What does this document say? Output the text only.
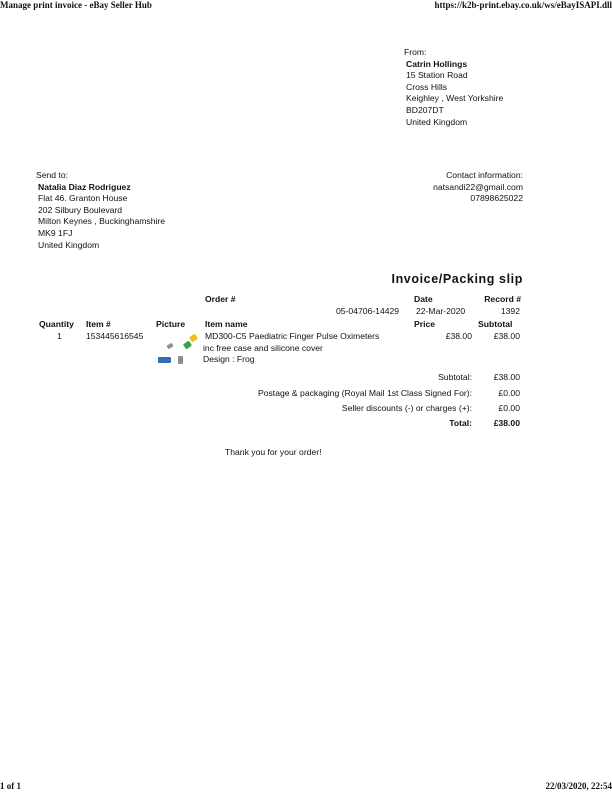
Manage print invoice - eBay Seller Hub	https://k2b-print.ebay.co.uk/ws/eBayISAPI.dll
1 of 1	22/03/2020, 22:54
From:
Catrin Hollings
15 Station Road
Cross Hills
Keighley , West Yorkshire
BD207DT
United Kingdom
Send to:
Natalia Diaz Rodriguez
Flat 46. Granton House
202 Silbury Boulevard
Milton Keynes , Buckinghamshire
MK9 1FJ
United Kingdom
Contact information:
natsandi22@gmail.com
07898625022
Invoice/Packing slip
Order #	Date	Record #
05-04706-14429 22-Mar-2020	1392
Quantity Item #	Picture Item name	Price	Subtotal
1	153445616545	MD300-C5 Paediatric Finger Pulse Oximeters
inc free case and silicone cover
Design : Frog
£38.00	£38.00
Subtotal:	£38.00
Postage & packaging (Royal Mail 1st Class Signed For):	£0.00
Seller discounts (-) or charges (+):	£0.00
Total:	£38.00
Thank you for your order!
